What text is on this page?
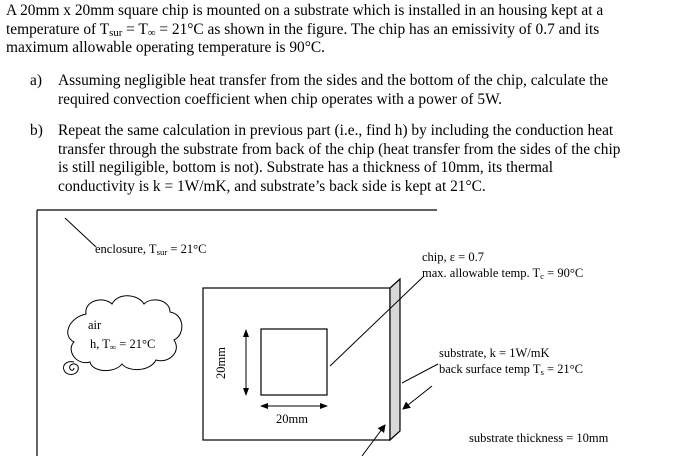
A 20mm x 20mm square chip is mounted on a substrate which is installed in an housing kept at a
temperature of $T_{sur} = T_\infty = 21^\circ C$ as shown in the figure. The chip has an emissivity of 0.7 and its
maximum allowable operating temperature is 90°C.
a) Assuming negligible heat transfer from the sides and the bottom of the chip, calculate the
required convection coefficient when chip operates with a power of 5W.
b) Repeat the same calculation in previous part (i.e., find h) by including the conduction heat
transfer through the substrate from back of the chip (heat transfer from the sides of the chip
is still negiligible, bottom is not). Substrate has a thickness of 10mm, its thermal
conductivity is k = 1W/mK, and substrate’s back side is kept at 21°C.
enclosure, $T_{sur} = 21^\circ C$
air
h, $T_\infty = 21^\circ C$
chip, ε = 0.7
max. allowable temp. $T_c = 90^\circ C$
substrate, k = 1W/mK
back surface temp $T_s = 21^\circ C$
20mm
20mm
substrate thickness = 10mm
